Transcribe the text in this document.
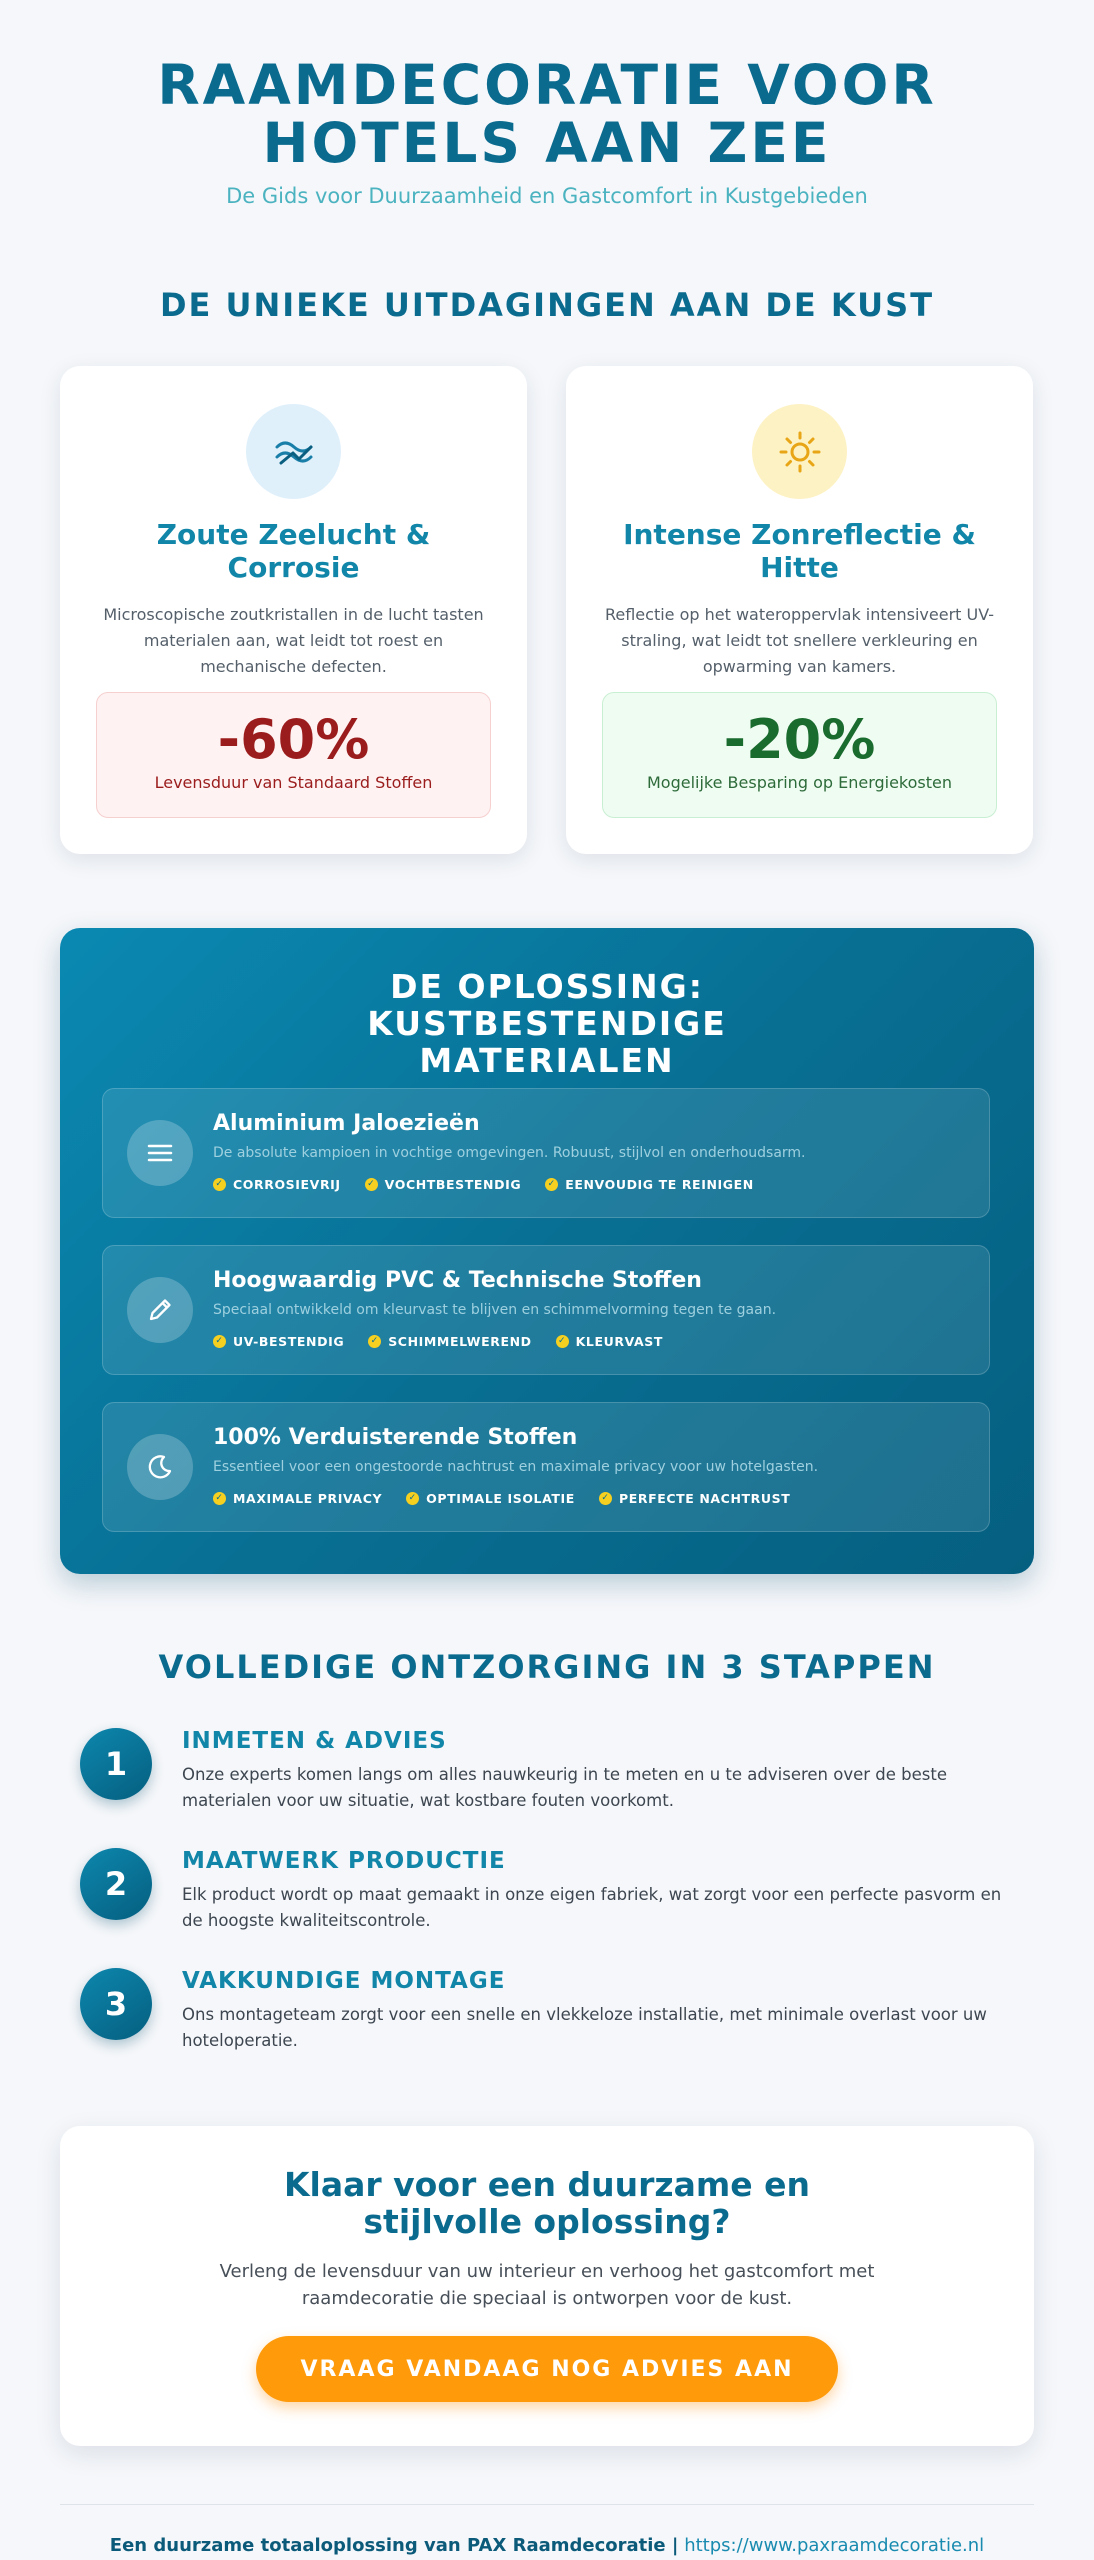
RAAMDECORATIE VOOR
HOTELS AAN ZEE
De Gids voor Duurzaamheid en Gastcomfort in Kustgebieden
DE UNIEKE UITDAGINGEN AAN DE KUST
Zoute Zeelucht & Corrosie
Microscopische zoutkristallen in de lucht tasten materialen aan, wat leidt tot roest en mechanische defecten.
-60%
Levensduur van Standaard Stoffen
Intense Zonreflectie & Hitte
Reflectie op het wateroppervlak intensiveert UV-straling, wat leidt tot snellere verkleuring en opwarming van kamers.
-20%
Mogelijke Besparing op Energiekosten
DE OPLOSSING: KUSTBESTENDIGE MATERIALEN
Aluminium Jaloezieën
De absolute kampioen in vochtige omgevingen. Robuust, stijlvol en onderhoudsarm.
✓ CORROSIEVRIJ	✓ VOCHTBESTENDIG	✓ EENVOUDIG TE REINIGEN
Hoogwaardig PVC & Technische Stoffen
Speciaal ontwikkeld om kleurvast te blijven en schimmelvorming tegen te gaan.
✓ UV-BESTENDIG	✓ SCHIMMELWEREND	✓ KLEURVAST
100% Verduisterende Stoffen
Essentieel voor een ongestoorde nachtrust en maximale privacy voor uw hotelgasten.
✓ MAXIMALE PRIVACY	✓ OPTIMALE ISOLATIE	✓ PERFECTE NACHTRUST
VOLLEDIGE ONTZORGING IN 3 STAPPEN
1
INMETEN & ADVIES
Onze experts komen langs om alles nauwkeurig in te meten en u te adviseren over de beste materialen voor uw situatie, wat kostbare fouten voorkomt.
2
MAATWERK PRODUCTIE
Elk product wordt op maat gemaakt in onze eigen fabriek, wat zorgt voor een perfecte pasvorm en de hoogste kwaliteitscontrole.
3
VAKKUNDIGE MONTAGE
Ons montageteam zorgt voor een snelle en vlekkeloze installatie, met minimale overlast voor uw hoteloperatie.
Klaar voor een duurzame en stijlvolle oplossing?
Verleng de levensduur van uw interieur en verhoog het gastcomfort met raamdecoratie die speciaal is ontworpen voor de kust.
VRAAG VANDAAG NOG ADVIES AAN
Een duurzame totaaloplossing van PAX Raamdecoratie | https://www.paxraamdecoratie.nl
